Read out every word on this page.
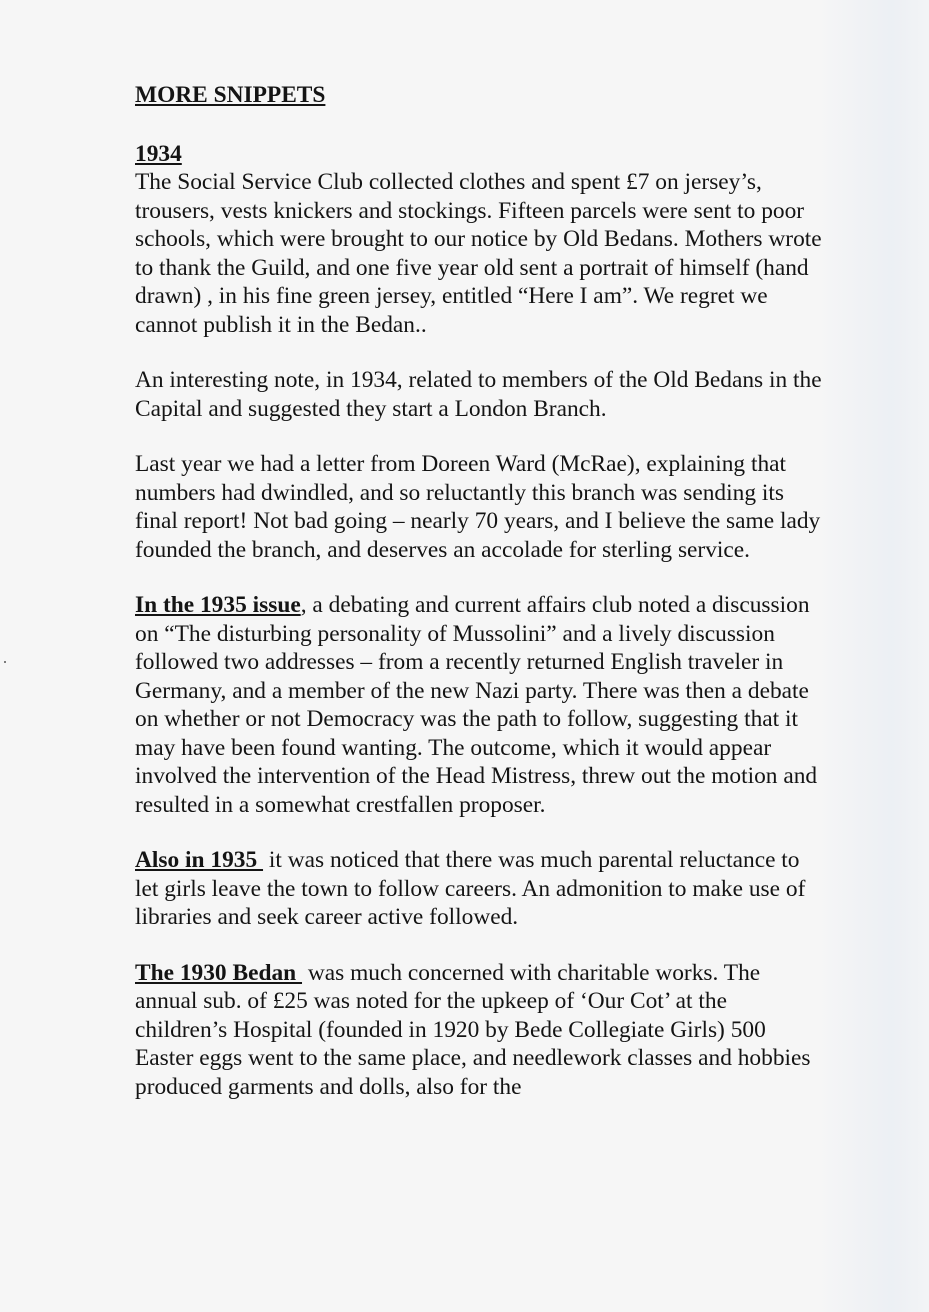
MORE SNIPPETS
1934

The Social Service Club collected clothes and spent £7 on jersey’s, trousers, vests knickers and stockings. Fifteen parcels were sent to poor schools, which were brought to our notice by Old Bedans. Mothers wrote to thank the Guild, and one five year old sent a portrait of himself (hand drawn) , in his fine green jersey, entitled “Here I am”. We regret we cannot publish it in the Bedan..

An interesting note, in 1934, related to members of the Old Bedans in the Capital and suggested they start a London Branch.

Last year we had a letter from Doreen Ward (McRae), explaining that numbers had dwindled, and so reluctantly this branch was sending its final report! Not bad going – nearly 70 years, and I believe the same lady founded the branch, and deserves an accolade for sterling service.

In the 1935 issue, a debating and current affairs club noted a discussion on “The disturbing personality of Mussolini” and a lively discussion followed two addresses – from a recently returned English traveler in Germany, and a member of the new Nazi party. There was then a debate on whether or not Democracy was the path to follow, suggesting that it may have been found wanting. The outcome, which it would appear involved the intervention of the Head Mistress, threw out the motion and resulted in a somewhat crestfallen proposer.

Also in 1935  it was noticed that there was much parental reluctance to let girls leave the town to follow careers. An admonition to make use of libraries and seek career active followed.

The 1930 Bedan  was much concerned with charitable works. The annual sub. of £25 was noted for the upkeep of ‘Our Cot’ at the children’s Hospital (founded in 1920 by Bede Collegiate Girls) 500 Easter eggs went to the same place, and needlework classes and hobbies produced garments and dolls, also for the
